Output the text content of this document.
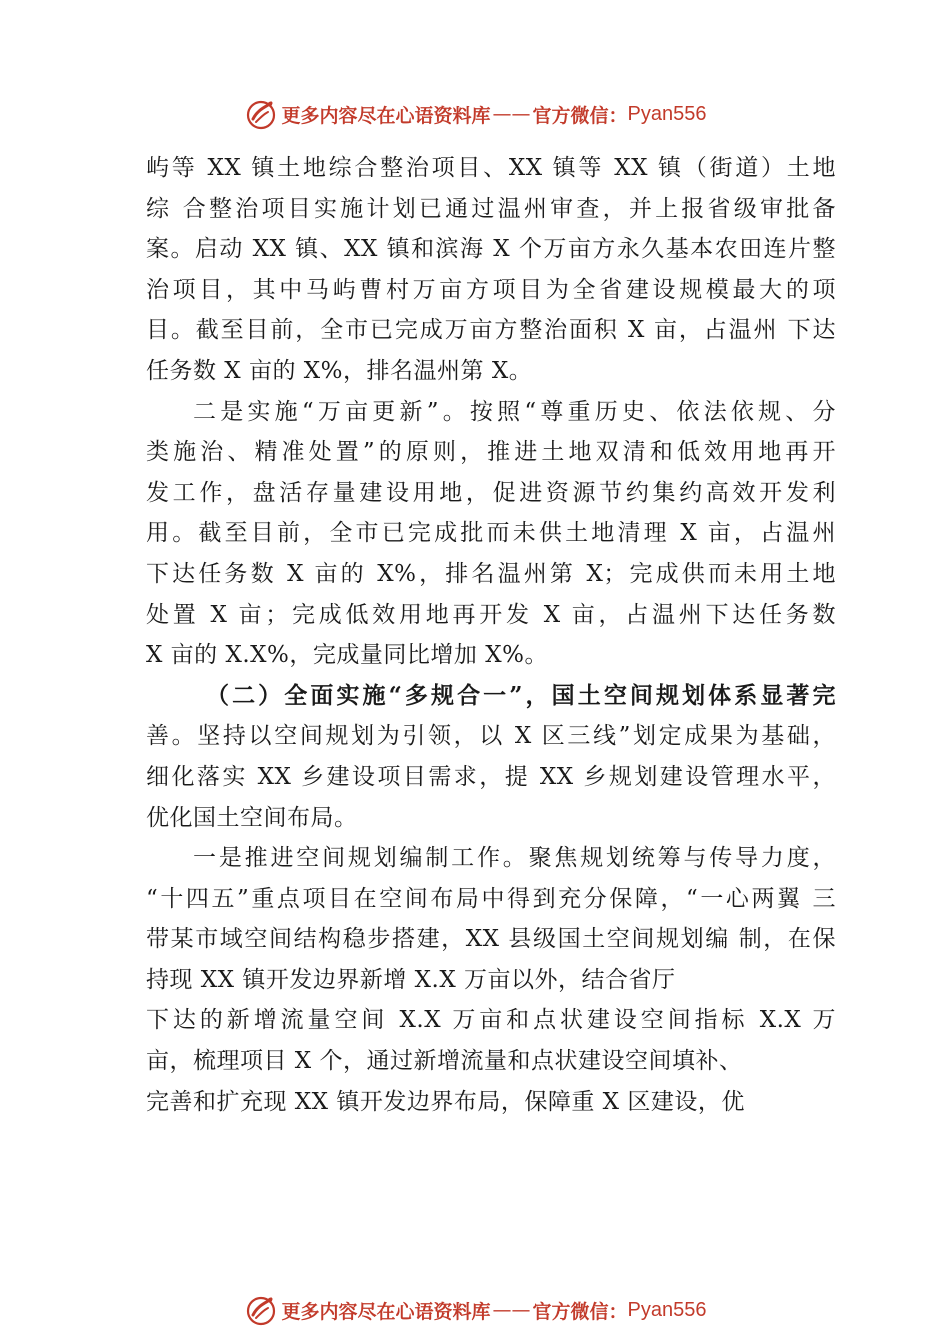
更多内容尽在心语资料库 —— 官方微信： Pyan556
屿等 XX 镇土地综合整治项目、XX 镇等 XX 镇（街道）土地
综 合整治项目实施计划已通过温州审查，并上报省级审批备
案。启动 XX 镇、XX 镇和滨海 X 个万亩方永久基本农田连片整
治项目，其中马屿曹村万亩方项目为全省建设规模最大的项
目。截至目前，全市已完成万亩方整治面积 X 亩，占温州 下达
任务数 X 亩的 X%，排名温州第 X。
二是实施“万亩更新”。按照“尊重历史、依法依规、分
类施治、精准处置”的原则，推进土地双清和低效用地再开
发工作，盘活存量建设用地，促进资源节约集约高效开发利
用。截至目前，全市已完成批而未供土地清理 X 亩，占温州
下达任务数 X 亩的 X%，排名温州第 X；完成供而未用土地
处置 X 亩；完成低效用地再开发 X 亩，占温州下达任务数
X 亩的 X.X%，完成量同比增加 X%。
（二）全面实施“多规合一”，国土空间规划体系显著完
善。坚持以空间规划为引领，以 X 区三线”划定成果为基础，
细化落实 XX 乡建设项目需求，提 XX 乡规划建设管理水平，
优化国土空间布局。
一是推进空间规划编制工作。聚焦规划统筹与传导力度，
“十四五”重点项目在空间布局中得到充分保障，“一心两翼 三
带某市域空间结构稳步搭建，XX 县级国土空间规划编 制，在保
持现 XX 镇开发边界新增 X.X 万亩以外，结合省厅
下达的新增流量空间 X.X 万亩和点状建设空间指标 X.X 万
亩，梳理项目 X 个，通过新增流量和点状建设空间填补、
完善和扩充现 XX 镇开发边界布局，保障重 X 区建设，优
更多内容尽在心语资料库 —— 官方微信： Pyan556
